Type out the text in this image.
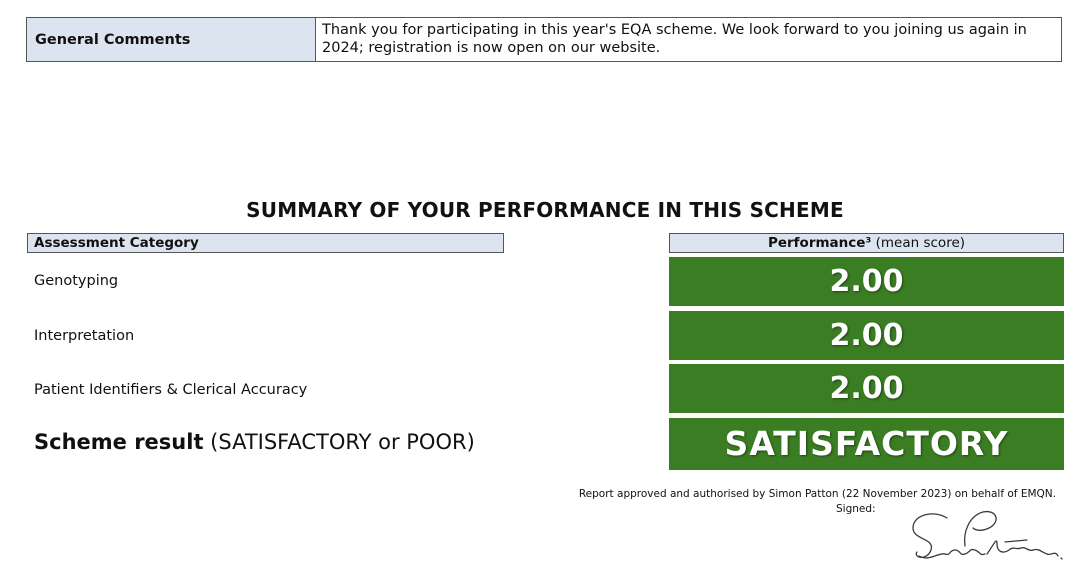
General Comments
Thank you for participating in this year's EQA scheme. We look forward to you joining us again in 2024; registration is now open on our website.
SUMMARY OF YOUR PERFORMANCE IN THIS SCHEME
Assessment Category	Performance³ (mean score)
Genotyping	2.00
Interpretation	2.00
Patient Identifiers & Clerical Accuracy	2.00
Scheme result (SATISFACTORY or POOR)	SATISFACTORY
Report approved and authorised by Simon Patton (22 November 2023) on behalf of EMQN.
Signed:
